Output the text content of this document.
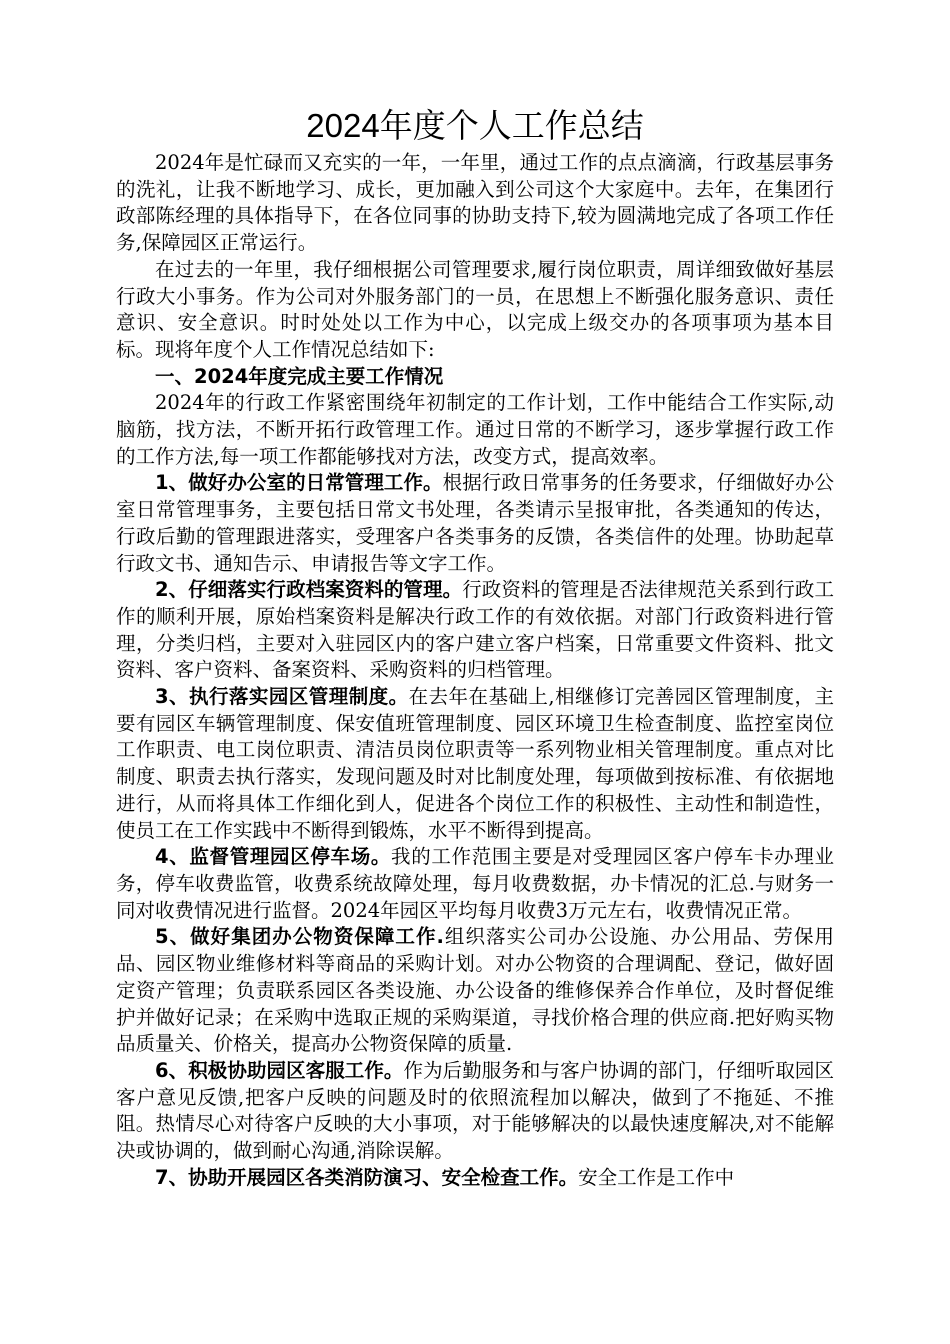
2024年度个人工作总结

2024年是忙碌而又充实的一年，一年里，通过工作的点点滴滴，行政基层事务的洗礼，让我不断地学习、成长，更加融入到公司这个大家庭中。去年，在集团行政部陈经理的具体指导下，在各位同事的协助支持下,较为圆满地完成了各项工作任务,保障园区正常运行。

在过去的一年里，我仔细根据公司管理要求,履行岗位职责，周详细致做好基层行政大小事务。作为公司对外服务部门的一员，在思想上不断强化服务意识、责任意识、安全意识。时时处处以工作为中心，以完成上级交办的各项事项为基本目标。现将年度个人工作情况总结如下:

一、2024年度完成主要工作情况

2024年的行政工作紧密围绕年初制定的工作计划，工作中能结合工作实际,动脑筋，找方法，不断开拓行政管理工作。通过日常的不断学习，逐步掌握行政工作的工作方法,每一项工作都能够找对方法，改变方式，提高效率。

1、做好办公室的日常管理工作。根据行政日常事务的任务要求，仔细做好办公室日常管理事务，主要包括日常文书处理，各类请示呈报审批，各类通知的传达，行政后勤的管理跟进落实，受理客户各类事务的反馈，各类信件的处理。协助起草行政文书、通知告示、申请报告等文字工作。

2、仔细落实行政档案资料的管理。行政资料的管理是否法律规范关系到行政工作的顺利开展，原始档案资料是解决行政工作的有效依据。对部门行政资料进行管理，分类归档，主要对入驻园区内的客户建立客户档案，日常重要文件资料、批文资料、客户资料、备案资料、采购资料的归档管理。

3、执行落实园区管理制度。在去年在基础上,相继修订完善园区管理制度，主要有园区车辆管理制度、保安值班管理制度、园区环境卫生检查制度、监控室岗位工作职责、电工岗位职责、清洁员岗位职责等一系列物业相关管理制度。重点对比制度、职责去执行落实，发现问题及时对比制度处理，每项做到按标准、有依据地进行，从而将具体工作细化到人，促进各个岗位工作的积极性、主动性和制造性，使员工在工作实践中不断得到锻炼，水平不断得到提高。

4、监督管理园区停车场。我的工作范围主要是对受理园区客户停车卡办理业务，停车收费监管，收费系统故障处理，每月收费数据，办卡情况的汇总.与财务一同对收费情况进行监督。2024年园区平均每月收费3万元左右，收费情况正常。

5、做好集团办公物资保障工作.组织落实公司办公设施、办公用品、劳保用品、园区物业维修材料等商品的采购计划。对办公物资的合理调配、登记，做好固定资产管理；负责联系园区各类设施、办公设备的维修保养合作单位，及时督促维护并做好记录；在采购中选取正规的采购渠道，寻找价格合理的供应商.把好购买物品质量关、价格关，提高办公物资保障的质量.

6、积极协助园区客服工作。作为后勤服务和与客户协调的部门，仔细听取园区客户意见反馈,把客户反映的问题及时的依照流程加以解决，做到了不拖延、不推阻。热情尽心对待客户反映的大小事项，对于能够解决的以最快速度解决,对不能解决或协调的，做到耐心沟通,消除误解。

7、协助开展园区各类消防演习、安全检查工作。安全工作是工作中
